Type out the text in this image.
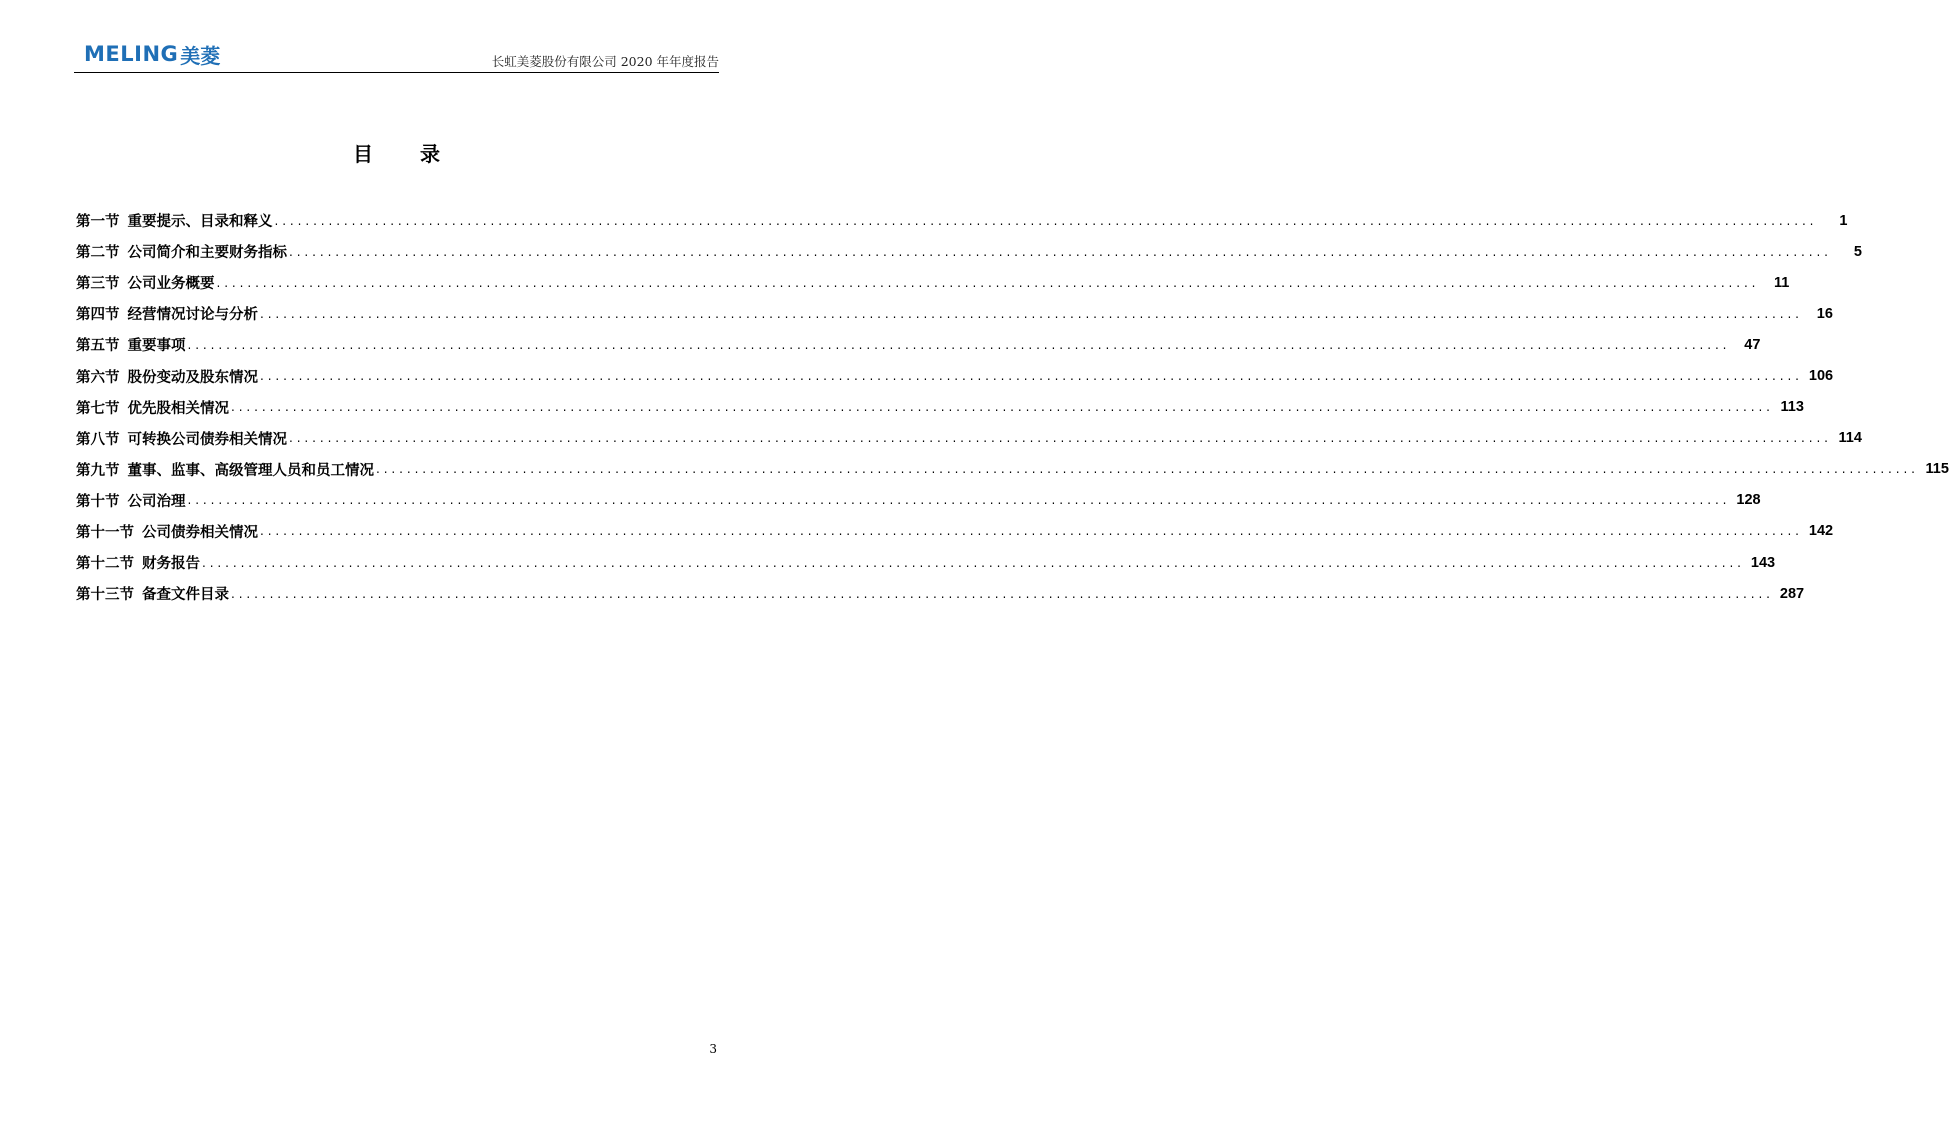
MELING 美菱	长虹美菱股份有限公司 2020 年年度报告
目 录
第一节 重要提示、目录和释义 ........................................................................................................................................................................................................	1
第二节 公司简介和主要财务指标 ........................................................................................................................................................................................................	5
第三节 公司业务概要 ........................................................................................................................................................................................................	11
第四节 经营情况讨论与分析 ........................................................................................................................................................................................................ 16
第五节 重要事项 ........................................................................................................................................................................................................ 47
第六节 股份变动及股东情况 ........................................................................................................................................................................................................ 106
第七节 优先股相关情况 ........................................................................................................................................................................................................ 113
第八节 可转换公司债券相关情况 ........................................................................................................................................................................................................ 114
第九节 董事、监事、高级管理人员和员工情况 ........................................................................................................................................................................................................ 115
第十节 公司治理 ........................................................................................................................................................................................................ 128
第十一节 公司债券相关情况 ........................................................................................................................................................................................................ 142
第十二节 财务报告 ........................................................................................................................................................................................................ 143
第十三节 备查文件目录 ........................................................................................................................................................................................................ 287
3
